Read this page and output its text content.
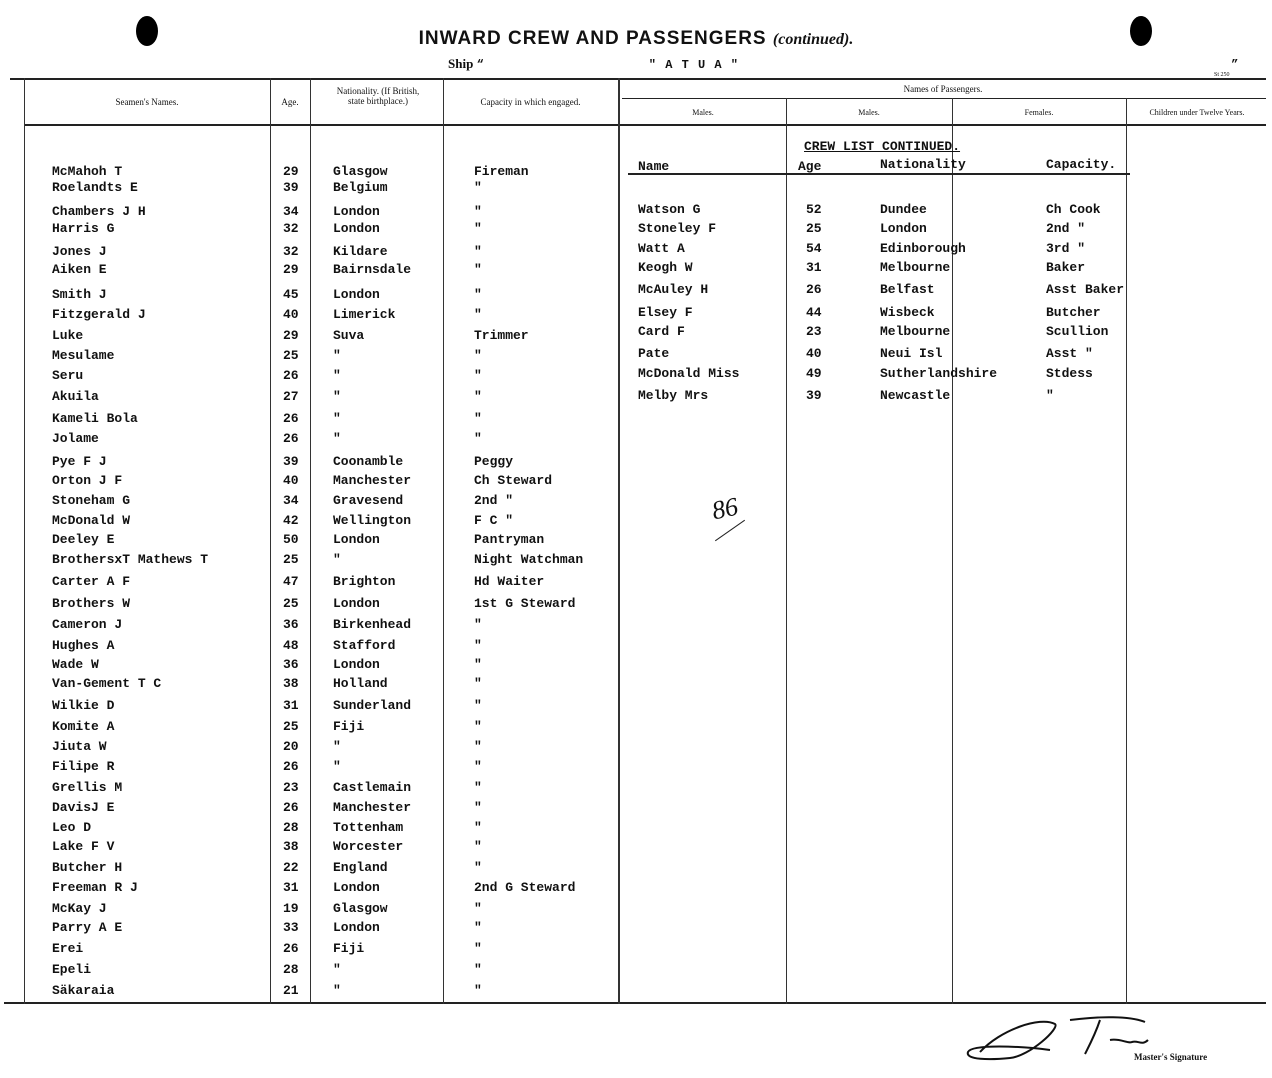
INWARD CREW AND PASSENGERS (continued).
Ship “                    " A T U A "                                                            ”
St 250
Seamen's Names.	Age.
Nationality. (If British, state birthplace.)	Capacity in which engaged.
Names of Passengers.
Males.	Males.	Females.	Children under Twelve Years.
CREW LIST CONTINUED.
Name	Age	Nationality	Capacity.
McMahoh T	29	Glasgow	Fireman
Roelandts E	39	Belgium	"
Chambers J H	34	London	"
Harris G	32	London	"
Jones J	32	Kildare	"
Aiken E	29	Bairnsdale	"
Smith J	45	London	"
Fitzgerald J	40	Limerick	"
Luke	29	Suva	Trimmer
Mesulame	25	"	"
Seru	26	"	"
Akuila	27	"	"
Kameli Bola	26	"	"
Jolame	26	"	"
Pye F J	39	Coonamble	Peggy
Orton J F	40	Manchester	Ch Steward
Stoneham G	34	Gravesend	2nd "
McDonald W	42	Wellington	F C "
Deeley E	50	London	Pantryman
BrothersxT Mathews T	25	"	Night Watchman
Carter A F	47	Brighton	Hd Waiter
Brothers W	25	London	1st G Steward
Cameron J	36	Birkenhead	"
Hughes A	48	Stafford	"
Wade W	36	London	"
Van-Gement T C	38	Holland	"
Wilkie D	31	Sunderland	"
Komite A	25	Fiji	"
Jiuta W	20	"	"
Filipe R	26	"	"
Grellis M	23	Castlemain	"
DavisJ E	26	Manchester	"
Leo D	28	Tottenham	"
Lake F V	38	Worcester	"
Butcher H	22	England	"
Freeman R J	31	London	2nd G Steward
McKay J	19	Glasgow	"
Parry A E	33	London	"
Erei	26	Fiji	"
Epeli	28	"	"
Säkaraia	21	"	"
Watson G	52	Dundee	Ch Cook
Stoneley F	25	London	2nd "
Watt A	54	Edinborough	3rd "
Keogh W	31	Melbourne	Baker
McAuley H	26	Belfast	Asst Baker
Elsey F	44	Wisbeck	Butcher
Card F	23	Melbourne	Scullion
Pate	40	Neui Isl	Asst "
McDonald Miss	49	Sutherlandshire	Stdess
Melby Mrs	39	Newcastle	"
86
Master's Signature
